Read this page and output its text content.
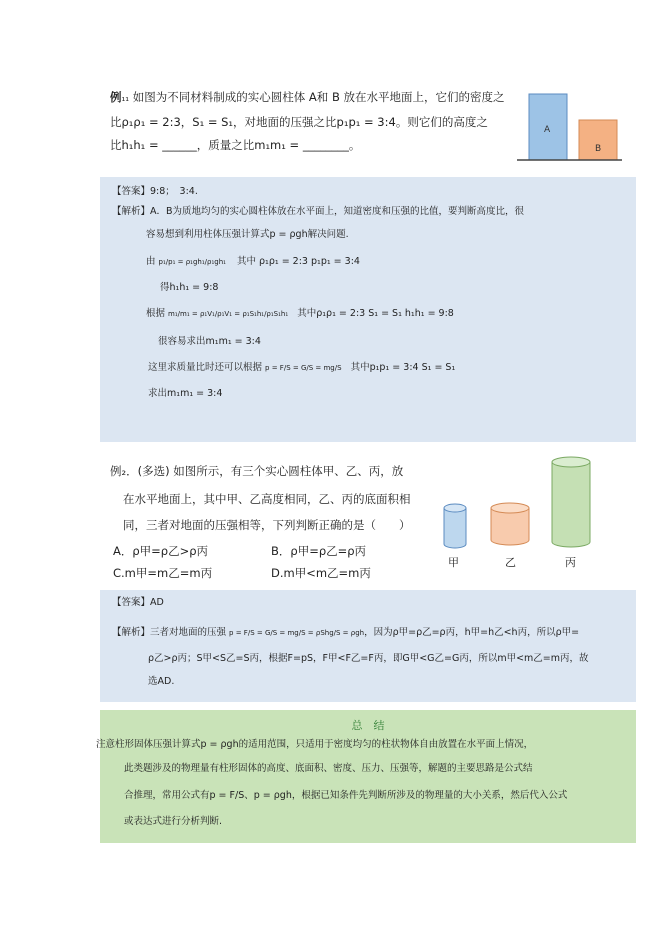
例₁₁ 如图为不同材料制成的实心圆柱体 A和 B 放在水平地面上，它们的密度之
比ρ₁ρ₁ = 2:3，S₁ = S₁，对地面的压强之比p₁p₁ = 3:4。则它们的高度之
比h₁h₁ = ______，质量之比m₁m₁ = ________。
A
B
【答案】9:8；　3:4.
【解析】A．B为质地均匀的实心圆柱体放在水平面上，知道密度和压强的比值，要判断高度比，很
容易想到利用柱体压强计算式p = ρgh解决问题.
由 p₁/p₁ = ρ₁gh₁/ρ₁gh₁ 其中 ρ₁ρ₁ = 2:3 p₁p₁ = 3:4
得h₁h₁ = 9:8
根据 m₁/m₁ = ρ₁V₁/ρ₁V₁ = ρ₁S₁h₁/ρ₁S₁h₁ 其中ρ₁ρ₁ = 2:3 S₁ = S₁ h₁h₁ = 9:8
很容易求出m₁m₁ = 3:4
这里求质量比时还可以根据 p = F/S = G/S = mg/S 其中p₁p₁ = 3:4 S₁ = S₁
求出m₁m₁ = 3:4
例₂．(多选) 如图所示，有三个实心圆柱体甲、乙、丙，放
在水平地面上，其中甲、乙高度相同，乙、丙的底面积相
同，三者对地面的压强相等，下列判断正确的是（　　）
A．ρ甲=ρ乙>ρ丙	B．ρ甲=ρ乙=ρ丙
C.m甲=m乙=m丙	D.m甲<m乙=m丙
甲	乙	丙
【答案】AD
【解析】三者对地面的压强 p = F/S = G/S = mg/S = ρShg/S = ρgh，因为ρ甲=ρ乙=ρ丙，h甲=h乙<h丙，所以ρ甲=
ρ乙>ρ丙；S甲<S乙=S丙，根据F=pS，F甲<F乙=F丙，即G甲<G乙=G丙，所以m甲<m乙=m丙，故
选AD.
总　结
注意柱形固体压强计算式p = ρgh的适用范围，只适用于密度均匀的柱状物体自由放置在水平面上情况，
此类题涉及的物理量有柱形固体的高度、底面积、密度、压力、压强等，解题的主要思路是公式结
合推理，常用公式有p = F/S、p = ρgh，根据已知条件先判断所涉及的物理量的大小关系，然后代入公式
或表达式进行分析判断.
